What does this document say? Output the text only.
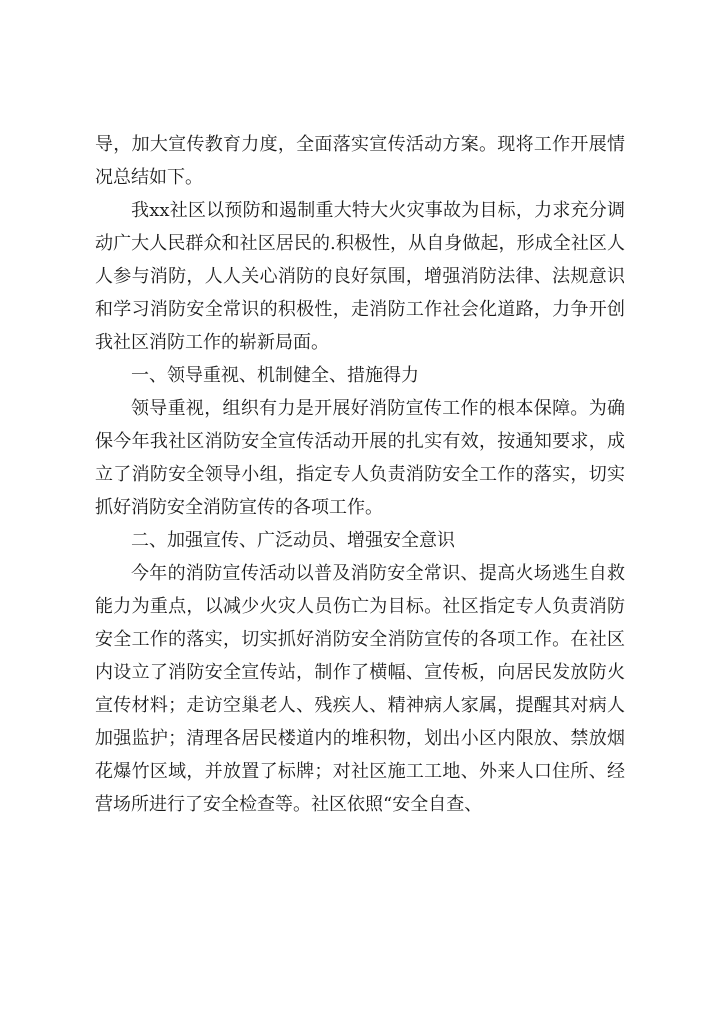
导，加大宣传教育力度，全面落实宣传活动方案。现将工作开展情况总结如下。

我xx社区以预防和遏制重大特大火灾事故为目标，力求充分调动广大人民群众和社区居民的.积极性，从自身做起，形成全社区人人参与消防，人人关心消防的良好氛围，增强消防法律、法规意识和学习消防安全常识的积极性，走消防工作社会化道路，力争开创我社区消防工作的崭新局面。

一、领导重视、机制健全、措施得力

领导重视，组织有力是开展好消防宣传工作的根本保障。为确保今年我社区消防安全宣传活动开展的扎实有效，按通知要求，成立了消防安全领导小组，指定专人负责消防安全工作的落实，切实抓好消防安全消防宣传的各项工作。

二、加强宣传、广泛动员、增强安全意识

今年的消防宣传活动以普及消防安全常识、提高火场逃生自救能力为重点，以减少火灾人员伤亡为目标。社区指定专人负责消防安全工作的落实，切实抓好消防安全消防宣传的各项工作。在社区内设立了消防安全宣传站，制作了横幅、宣传板，向居民发放防火宣传材料；走访空巢老人、残疾人、精神病人家属，提醒其对病人加强监护；清理各居民楼道内的堆积物，划出小区内限放、禁放烟花爆竹区域，并放置了标牌；对社区施工工地、外来人口住所、经营场所进行了安全检查等。社区依照“安全自查、
